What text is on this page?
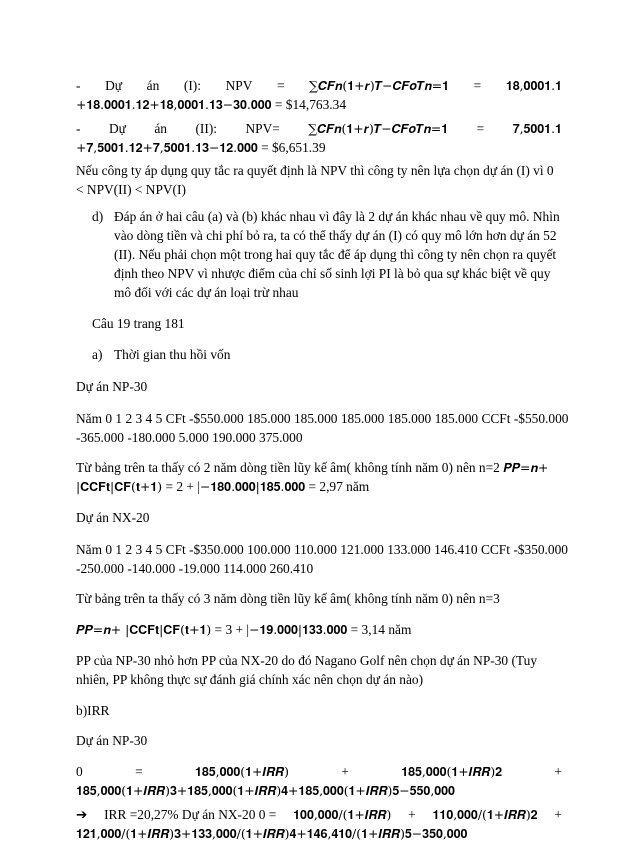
- Dự án (I): NPV = ∑𝑪𝑭𝒏(𝟏+𝒓)𝑻−𝑪𝑭𝒐𝑻𝒏=𝟏 = 𝟏𝟖,𝟎𝟎𝟎𝟏.𝟏
+𝟏𝟖.𝟎𝟎𝟎𝟏.𝟏𝟐+𝟏𝟖,𝟎𝟎𝟎𝟏.𝟏𝟑−𝟑𝟎.𝟎𝟎𝟎 = $14,763.34
- Dự án (II): NPV= ∑𝑪𝑭𝒏(𝟏+𝒓)𝑻−𝑪𝑭𝒐𝑻𝒏=𝟏 = 𝟕,𝟓𝟎𝟎𝟏.𝟏
+𝟕,𝟓𝟎𝟎𝟏.𝟏𝟐+𝟕,𝟓𝟎𝟎𝟏.𝟏𝟑−𝟏𝟐.𝟎𝟎𝟎 = $6,651.39
Nếu công ty áp dụng quy tắc ra quyết định là NPV thì công ty nên lựa chọn dự án (I) vì 0
< NPV(II) < NPV(I)
d) Đáp án ở hai câu (a) và (b) khác nhau vì đây là 2 dự án khác nhau về quy mô. Nhìn
vào dòng tiền và chi phí bỏ ra, ta có thể thấy dự án (I) có quy mô lớn hơn dự án 52
(II). Nếu phải chọn một trong hai quy tắc để áp dụng thì công ty nên chọn ra quyết
định theo NPV vì nhược điểm của chỉ số sinh lợi PI là bỏ qua sự khác biệt về quy
mô đối với các dự án loại trừ nhau
Câu 19 trang 181
a) Thời gian thu hồi vốn
Dự án NP-30
Năm 0 1 2 3 4 5 CFt -$550.000 185.000 185.000 185.000 185.000 185.000 CCFt -$550.000
-365.000 -180.000 5.000 190.000 375.000
Từ bảng trên ta thấy có 2 năm dòng tiền lũy kế âm( không tính năm 0) nên n=2 𝑷𝑷=𝒏+
|𝐂𝐂𝐅𝐭|𝐂𝐅(𝐭+𝟏) = 2 + |−𝟏𝟖𝟎.𝟎𝟎𝟎|𝟏𝟖𝟓.𝟎𝟎𝟎 = 2,97 năm
Dự án NX-20
Năm 0 1 2 3 4 5 CFt -$350.000 100.000 110.000 121.000 133.000 146.410 CCFt -$350.000
-250.000 -140.000 -19.000 114.000 260.410
Từ bảng trên ta thấy có 3 năm dòng tiền lũy kế âm( không tính năm 0) nên n=3
𝑷𝑷=𝒏+ |𝐂𝐂𝐅𝐭|𝐂𝐅(𝐭+𝟏) = 3 + |−𝟏𝟗.𝟎𝟎𝟎|𝟏𝟑𝟑.𝟎𝟎𝟎 = 3,14 năm
PP của NP-30 nhỏ hơn PP của NX-20 do đó Nagano Golf nên chọn dự án NP-30 (Tuy
nhiên, PP không thực sự đánh giá chính xác nên chọn dự án nào)
b)IRR
Dự án NP-30
0	=	𝟏𝟖𝟓,𝟎𝟎𝟎(𝟏+𝑰𝑹𝑹)	+	𝟏𝟖𝟓,𝟎𝟎𝟎(𝟏+𝑰𝑹𝑹)𝟐	+
𝟏𝟖𝟓,𝟎𝟎𝟎(𝟏+𝑰𝑹𝑹)𝟑+𝟏𝟖𝟓,𝟎𝟎𝟎(𝟏+𝑰𝑹𝑹)𝟒+𝟏𝟖𝟓,𝟎𝟎𝟎(𝟏+𝑰𝑹𝑹)𝟓−𝟓𝟓𝟎,𝟎𝟎𝟎
➔ IRR =20,27% Dự án NX-20 0 = 𝟏𝟎𝟎,𝟎𝟎𝟎/(𝟏+𝑰𝑹𝑹) + 𝟏𝟏𝟎,𝟎𝟎𝟎/(𝟏+𝑰𝑹𝑹)𝟐 +
𝟏𝟐𝟏,𝟎𝟎𝟎/(𝟏+𝑰𝑹𝑹)𝟑+𝟏𝟑𝟑,𝟎𝟎𝟎/(𝟏+𝑰𝑹𝑹)𝟒+𝟏𝟒𝟔,𝟒𝟏𝟎/(𝟏+𝑰𝑹𝑹)𝟓−𝟑𝟓𝟎,𝟎𝟎𝟎
